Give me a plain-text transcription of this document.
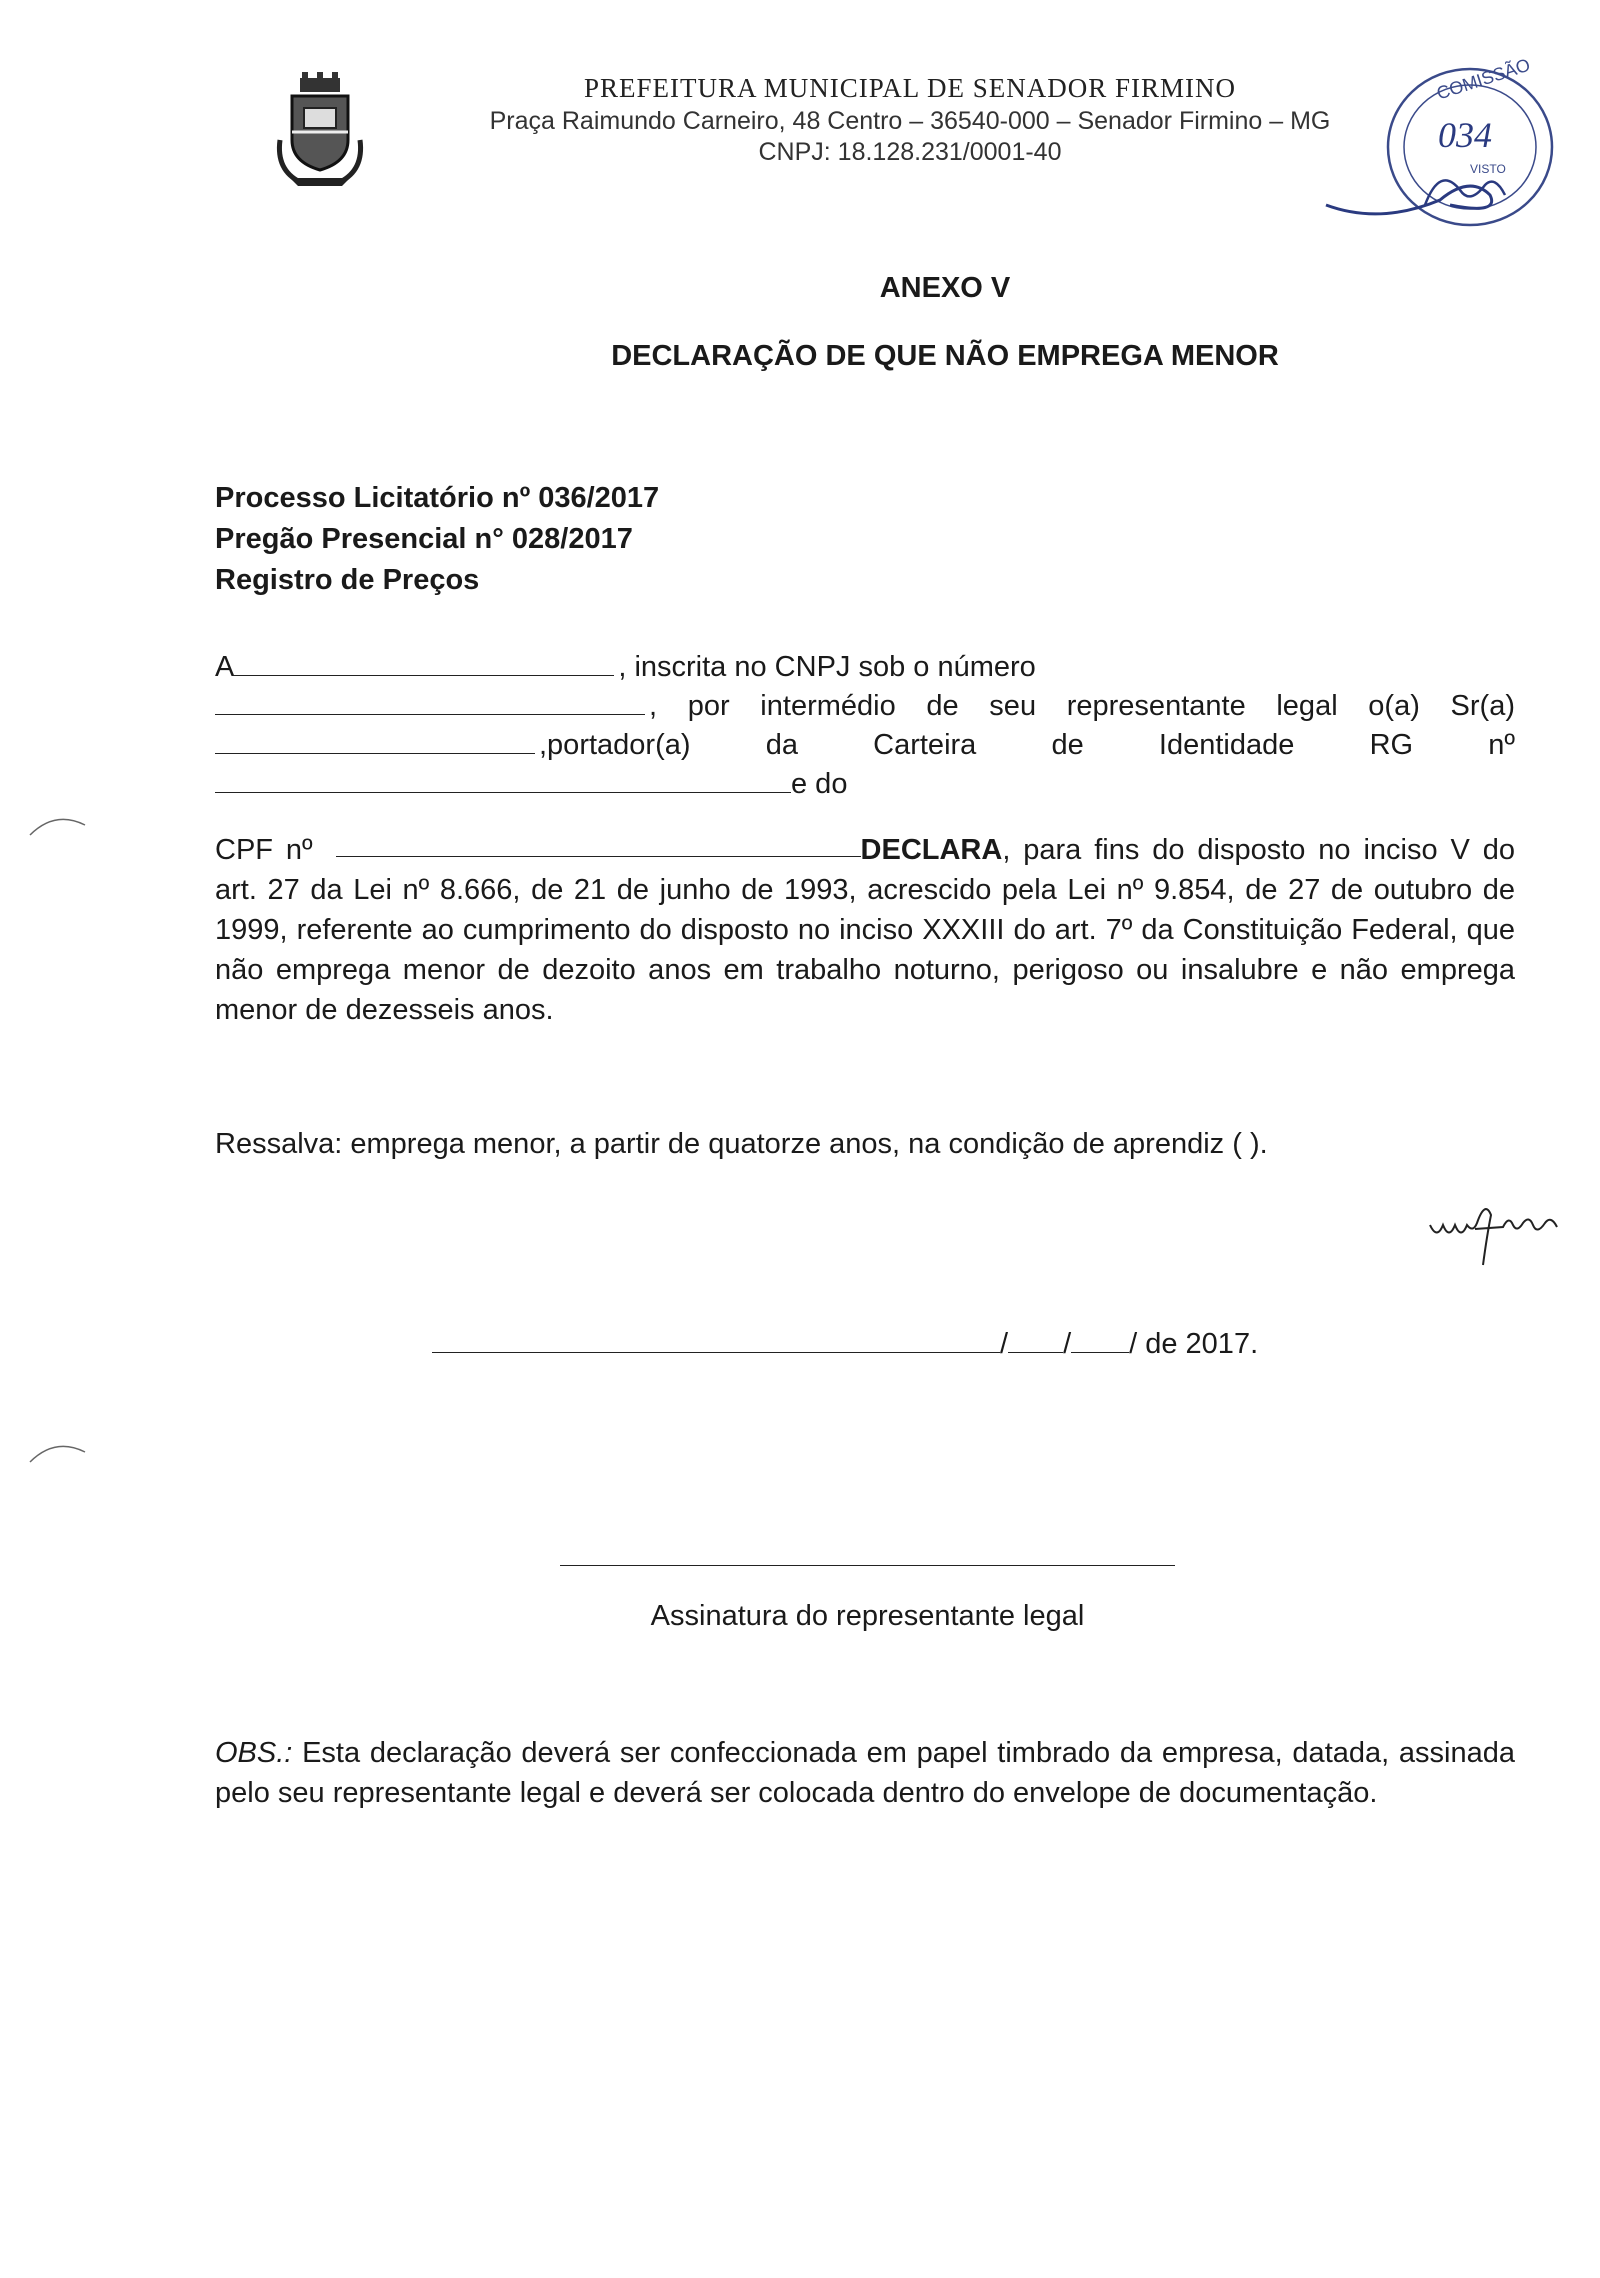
PREFEITURA MUNICIPAL DE SENADOR FIRMINO
Praça Raimundo Carneiro, 48 Centro – 36540-000 – Senador Firmino – MG
CNPJ: 18.128.231/0001-40
COMISSÃO
034
VISTO
ANEXO V
DECLARAÇÃO DE QUE NÃO EMPREGA MENOR
Processo Licitatório nº 036/2017
Pregão Presencial n° 028/2017
Registro de Preços
A	, inscrita no CNPJ sob o número
, por intermédio de seu representante legal o(a) Sr(a)
,portador(a) da Carteira de Identidade RG nº
e do
CPF nº	DECLARA, para fins do disposto no inciso V do art. 27 da Lei nº 8.666, de 21 de junho de 1993, acrescido pela Lei nº 9.854, de 27 de outubro de 1999, referente ao cumprimento do disposto no inciso XXXIII do art. 7º da Constituição Federal, que não emprega menor de dezoito anos em trabalho noturno, perigoso ou insalubre e não emprega menor de dezesseis anos.
Ressalva: emprega menor, a partir de quatorze anos, na condição de aprendiz ( ).
/ / / de 2017.
Assinatura do representante legal
OBS.: Esta declaração deverá ser confeccionada em papel timbrado da empresa, datada, assinada pelo seu representante legal e deverá ser colocada dentro do envelope de documentação.
